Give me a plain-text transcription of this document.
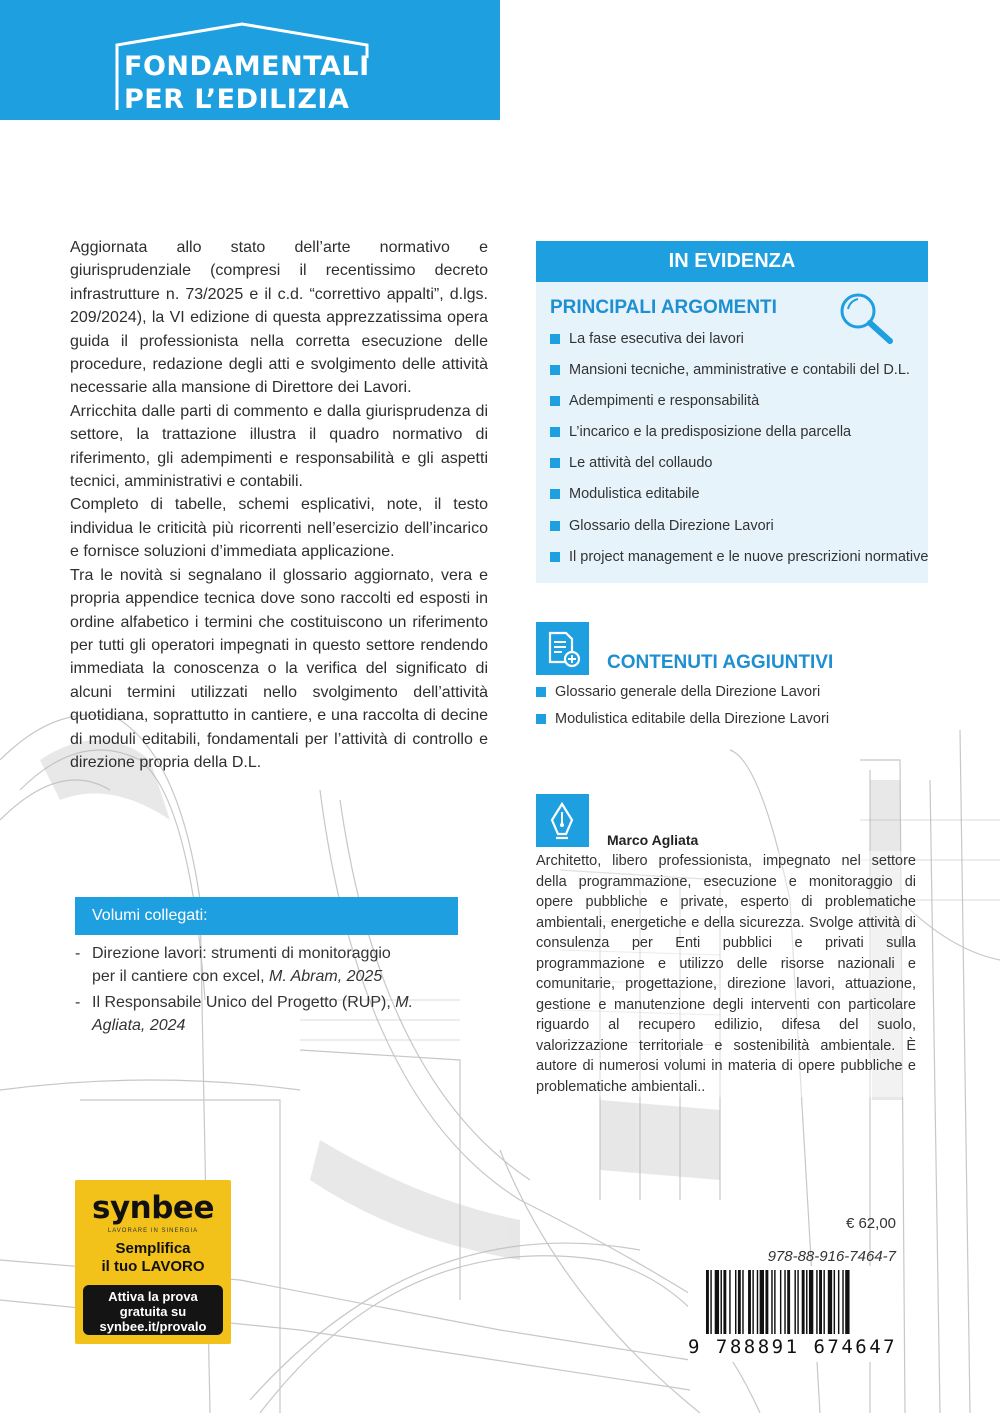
FONDAMENTALI
PER L’EDILIZIA

Aggiornata allo stato dell’arte normativo e giurisprudenziale (compresi il recentissimo decreto infrastrutture n. 73/2025 e il c.d. “correttivo appalti”, d.lgs. 209/2024), la VI edizione di questa apprezzatissima opera guida il professionista nella corretta esecuzione delle procedure, redazione degli atti e svolgimento delle attività necessarie alla mansione di Direttore dei Lavori.

Arricchita dalle parti di commento e dalla giurisprudenza di settore, la trattazione illustra il quadro normativo di riferimento, gli adempimenti e responsabilità e gli aspetti tecnici, amministrativi e contabili.

Completo di tabelle, schemi esplicativi, note, il testo individua le criticità più ricorrenti nell’esercizio dell’incarico e fornisce soluzioni d’immediata applicazione.

Tra le novità si segnalano il glossario aggiornato, vera e propria appendice tecnica dove sono raccolti ed esposti in ordine alfabetico i termini che costituiscono un riferimento per tutti gli operatori impegnati in questo settore rendendo immediata la conoscenza o la verifica del significato di alcuni termini utilizzati nello svolgimento dell’attività quotidiana, soprattutto in cantiere, e una raccolta di decine di moduli editabili, fondamentali per l’attività di controllo e direzione propria della D.L.

IN EVIDENZA
PRINCIPALI ARGOMENTI
La fase esecutiva dei lavori
Mansioni tecniche, amministrative e contabili del D.L.
Adempimenti e responsabilità
L’incarico e la predisposizione della parcella
Le attività del collaudo
Modulistica editabile
Glossario della Direzione Lavori
Il project management e le nuove prescrizioni normative
CONTENUTI AGGIUNTIVI
Glossario generale della Direzione Lavori
Modulistica editabile della Direzione Lavori
Marco Agliata
Architetto, libero professionista, impegnato nel settore della programmazione, esecuzione e monitoraggio di opere pubbliche e private, esperto di problematiche ambientali, energetiche e della sicurezza. Svolge attività di consulenza per Enti pubblici e privati sulla programmazione e utilizzo delle risorse nazionali e comunitarie, progettazione, direzione lavori, attuazione, gestione e manutenzione degli interventi con particolare riguardo al recupero edilizio, difesa del suolo, valorizzazione territoriale e sostenibilità ambientale. È autore di numerosi volumi in materia di opere pubbliche e problematiche ambientali..
Volumi collegati:
- Direzione lavori: strumenti di monitoraggio per il cantiere con excel, M. Abram, 2025
- Il Responsabile Unico del Progetto (RUP), M. Agliata, 2024
synbee
LAVORARE IN SINERGIA
Semplifica
il tuo LAVORO
Attiva la prova
gratuita su
synbee.it/provalo
€ 62,00
978-88-916-7464-7
9 788891 674647
